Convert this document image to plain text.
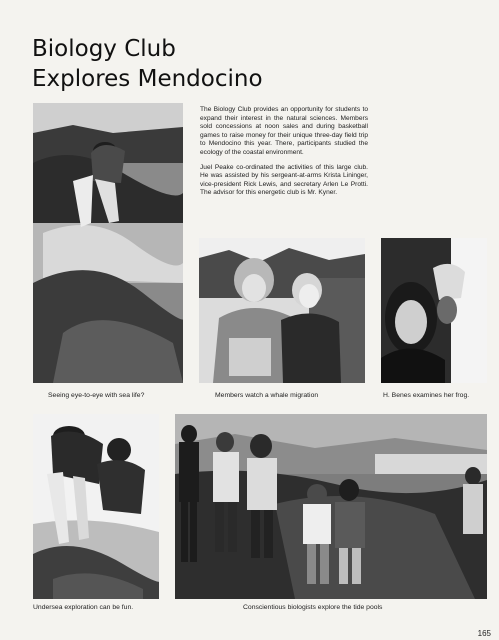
Biology Club
Explores Mendocino

The Biology Club provides an opportunity for students to expand their interest in the natural sciences. Members sold concessions at noon sales and during basketball games to raise money for their unique three-day field trip to Mendocino this year. There, participants studied the ecology of the coastal environment.

Juel Peake co-ordinated the activities of this large club. He was assisted by his sergeant-at-arms Krista Lininger, vice-president Rick Lewis, and secretary Arlen Le Protti. The advisor for this energetic club is Mr. Kyner.

Seeing eye-to-eye with sea life?	Members watch a whale migration	H. Benes examines her frog.
Undersea exploration can be fun.	Conscientious biologists explore the tide pools
165
